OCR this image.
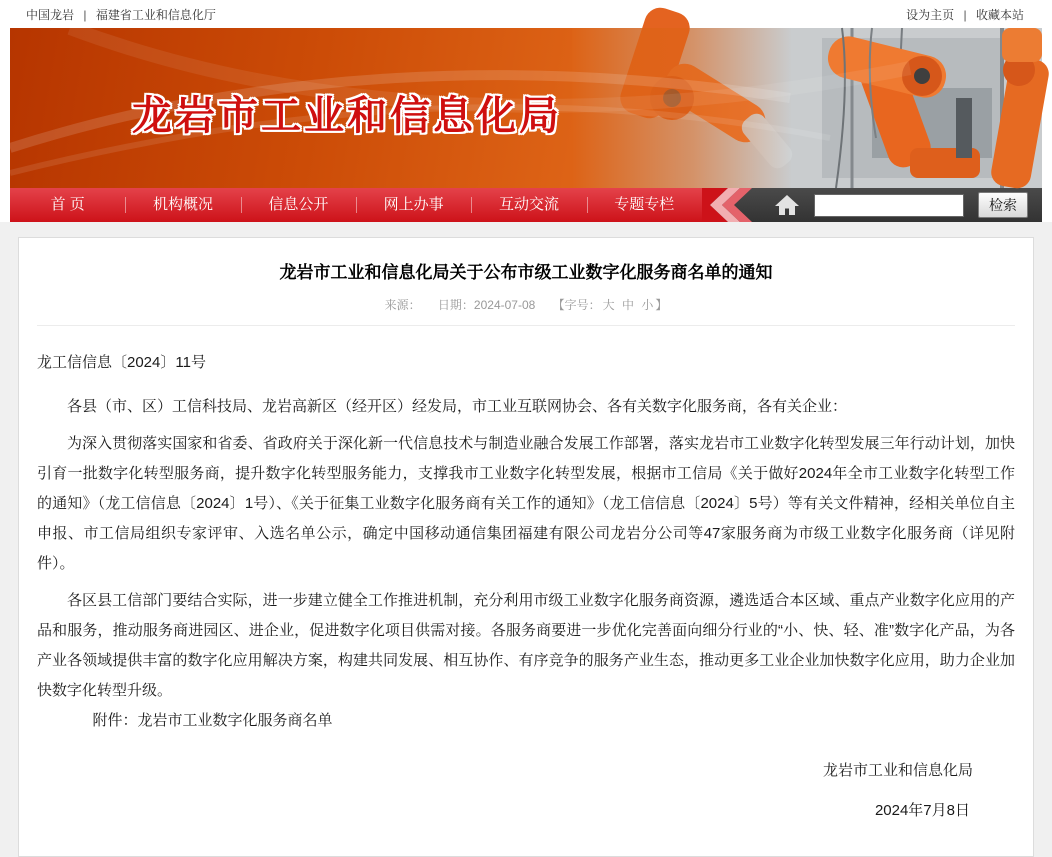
中国龙岩 | 福建省工业和信息化厅	设为主页 | 收藏本站
龙岩市工业和信息化局
首 页	机构概况	信息公开	网上办事	互动交流	专题专栏	检索
龙岩市工业和信息化局关于公布市级工业数字化服务商名单的通知
来源： 日期：2024-07-08 【字号： 大 中 小 】
龙工信信息〔2024〕11号

各县（市、区）工信科技局、龙岩高新区（经开区）经发局，市工业互联网协会、各有关数字化服务商，各有关企业：

为深入贯彻落实国家和省委、省政府关于深化新一代信息技术与制造业融合发展工作部署，落实龙岩市工业数字化转型发展三年行动计划，加快引育一批数字化转型服务商，提升数字化转型服务能力，支撑我市工业数字化转型发展，根据市工信局《关于做好2024年全市工业数字化转型工作的通知》（龙工信信息〔2024〕1号）、《关于征集工业数字化服务商有关工作的通知》（龙工信信息〔2024〕5号）等有关文件精神，经相关单位自主申报、市工信局组织专家评审、入选名单公示，确定中国移动通信集团福建有限公司龙岩分公司等47家服务商为市级工业数字化服务商（详见附件）。

各区县工信部门要结合实际，进一步建立健全工作推进机制，充分利用市级工业数字化服务商资源，遴选适合本区域、重点产业数字化应用的产品和服务，推动服务商进园区、进企业，促进数字化项目供需对接。各服务商要进一步优化完善面向细分行业的“小、快、轻、准”数字化产品，为各产业各领域提供丰富的数字化应用解决方案，构建共同发展、相互协作、有序竞争的服务产业生态，推动更多工业企业加快数字化应用，助力企业加快数字化转型升级。

附件：龙岩市工业数字化服务商名单

龙岩市工业和信息化局

2024年7月8日
